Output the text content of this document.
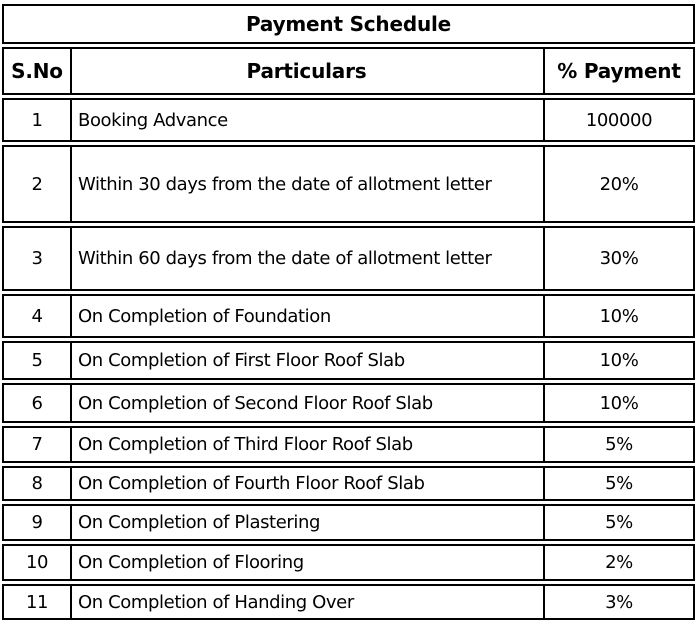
Payment Schedule
S.No	Particulars	% Payment
1	Booking Advance	100000
2	Within 30 days from the date of allotment letter	20%
3	Within 60 days from the date of allotment letter	30%
4	On Completion of Foundation	10%
5	On Completion of First Floor Roof Slab	10%
6	On Completion of Second Floor Roof Slab	10%
7	On Completion of Third Floor Roof Slab	5%
8	On Completion of Fourth Floor Roof Slab	5%
9	On Completion of Plastering	5%
10	On Completion of Flooring	2%
11	On Completion of Handing Over	3%
